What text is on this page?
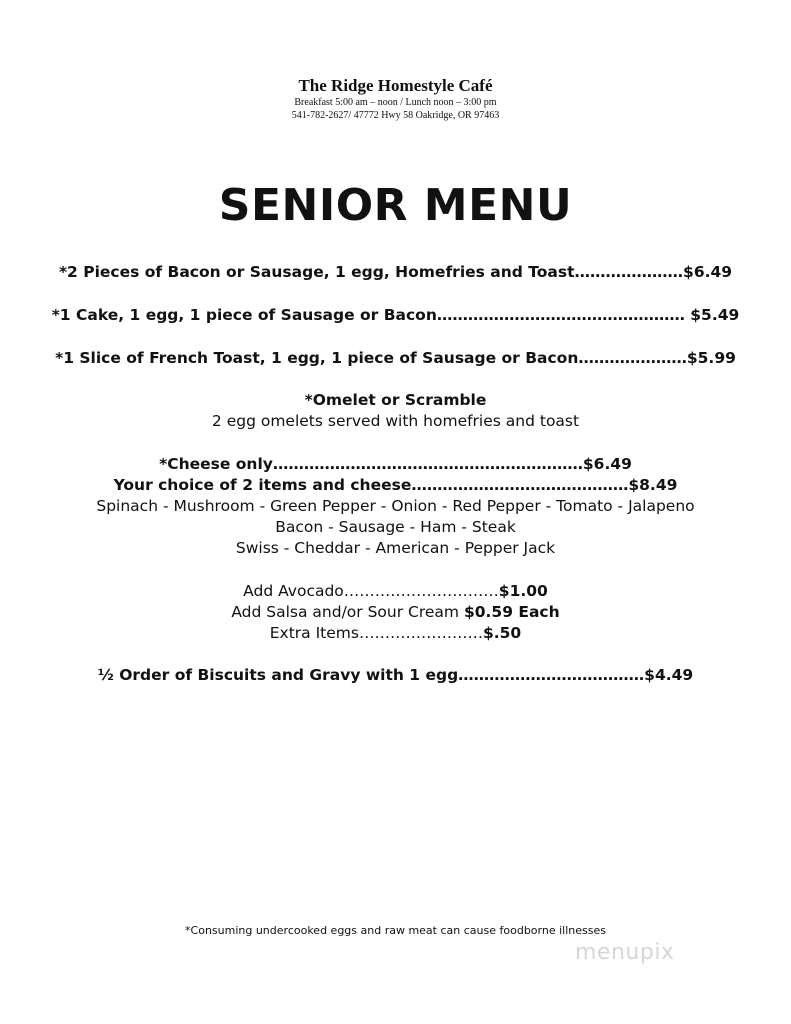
The Ridge Homestyle Café
Breakfast 5:00 am – noon / Lunch noon – 3:00 pm
541-782-2627/ 47772 Hwy 58 Oakridge, OR 97463
SENIOR MENU
*2 Pieces of Bacon or Sausage, 1 egg, Homefries and Toast…………………$6.49
*1 Cake, 1 egg, 1 piece of Sausage or Bacon………………………………………… $5.49
*1 Slice of French Toast, 1 egg, 1 piece of Sausage or Bacon…………………$5.99
*Omelet or Scramble
2 egg omelets served with homefries and toast
*Cheese only……………………………………………………$6.49
Your choice of 2 items and cheese……………………………………$8.49
Spinach - Mushroom - Green Pepper - Onion - Red Pepper - Tomato - Jalapeno
Bacon - Sausage - Ham - Steak
Swiss - Cheddar - American - Pepper Jack
Add Avocado…………………………$1.00
Add Salsa and/or Sour Cream $0.59 Each
Extra Items……………………$.50
½ Order of Biscuits and Gravy with 1 egg………………………………$4.49
*Consuming undercooked eggs and raw meat can cause foodborne illnesses
menupix
